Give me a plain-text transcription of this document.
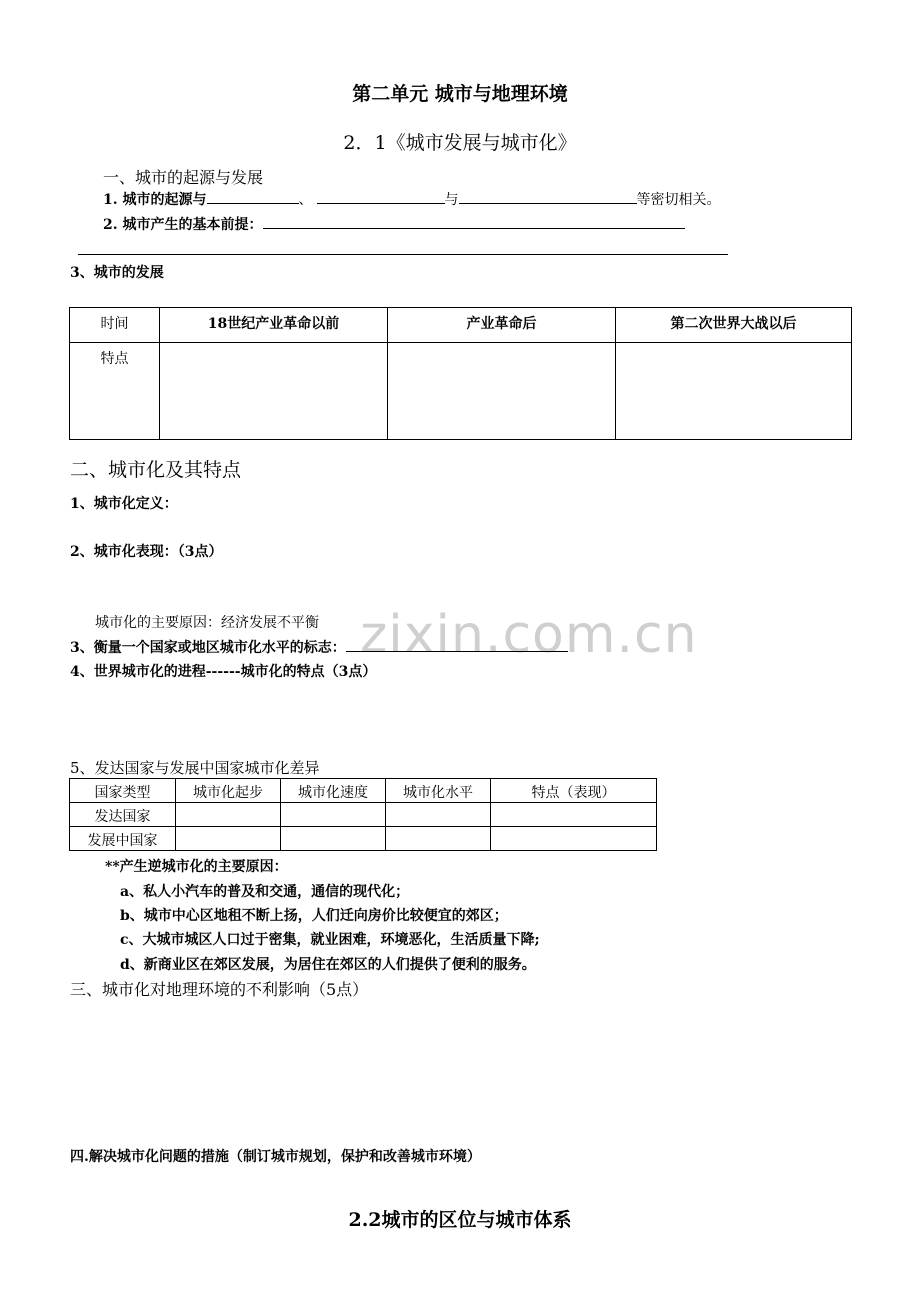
zixin.com.cn
第二单元 城市与地理环境
2．1《城市发展与城市化》
一、城市的起源与发展
1. 城市的起源与	、	与	等密切相关。
2. 城市产生的基本前提：
3、城市的发展
时间	18世纪产业革命以前	产业革命后	第二次世界大战以后
特点			
二、城市化及其特点
1、城市化定义：
2、城市化表现：（3点）
城市化的主要原因：经济发展不平衡
3、衡量一个国家或地区城市化水平的标志：
4、世界城市化的进程------城市化的特点（3点）
5、发达国家与发展中国家城市化差异
国家类型	城市化起步	城市化速度	城市化水平	特点（表现）
发达国家				
发展中国家				
**产生逆城市化的主要原因：
a、私人小汽车的普及和交通，通信的现代化；
b、城市中心区地租不断上扬，人们迁向房价比较便宜的郊区；
c、大城市城区人口过于密集，就业困难，环境恶化，生活质量下降;
d、新商业区在郊区发展，为居住在郊区的人们提供了便利的服务。
三、城市化对地理环境的不利影响（5点）
四.解决城市化问题的措施（制订城市规划，保护和改善城市环境）
2.2城市的区位与城市体系
